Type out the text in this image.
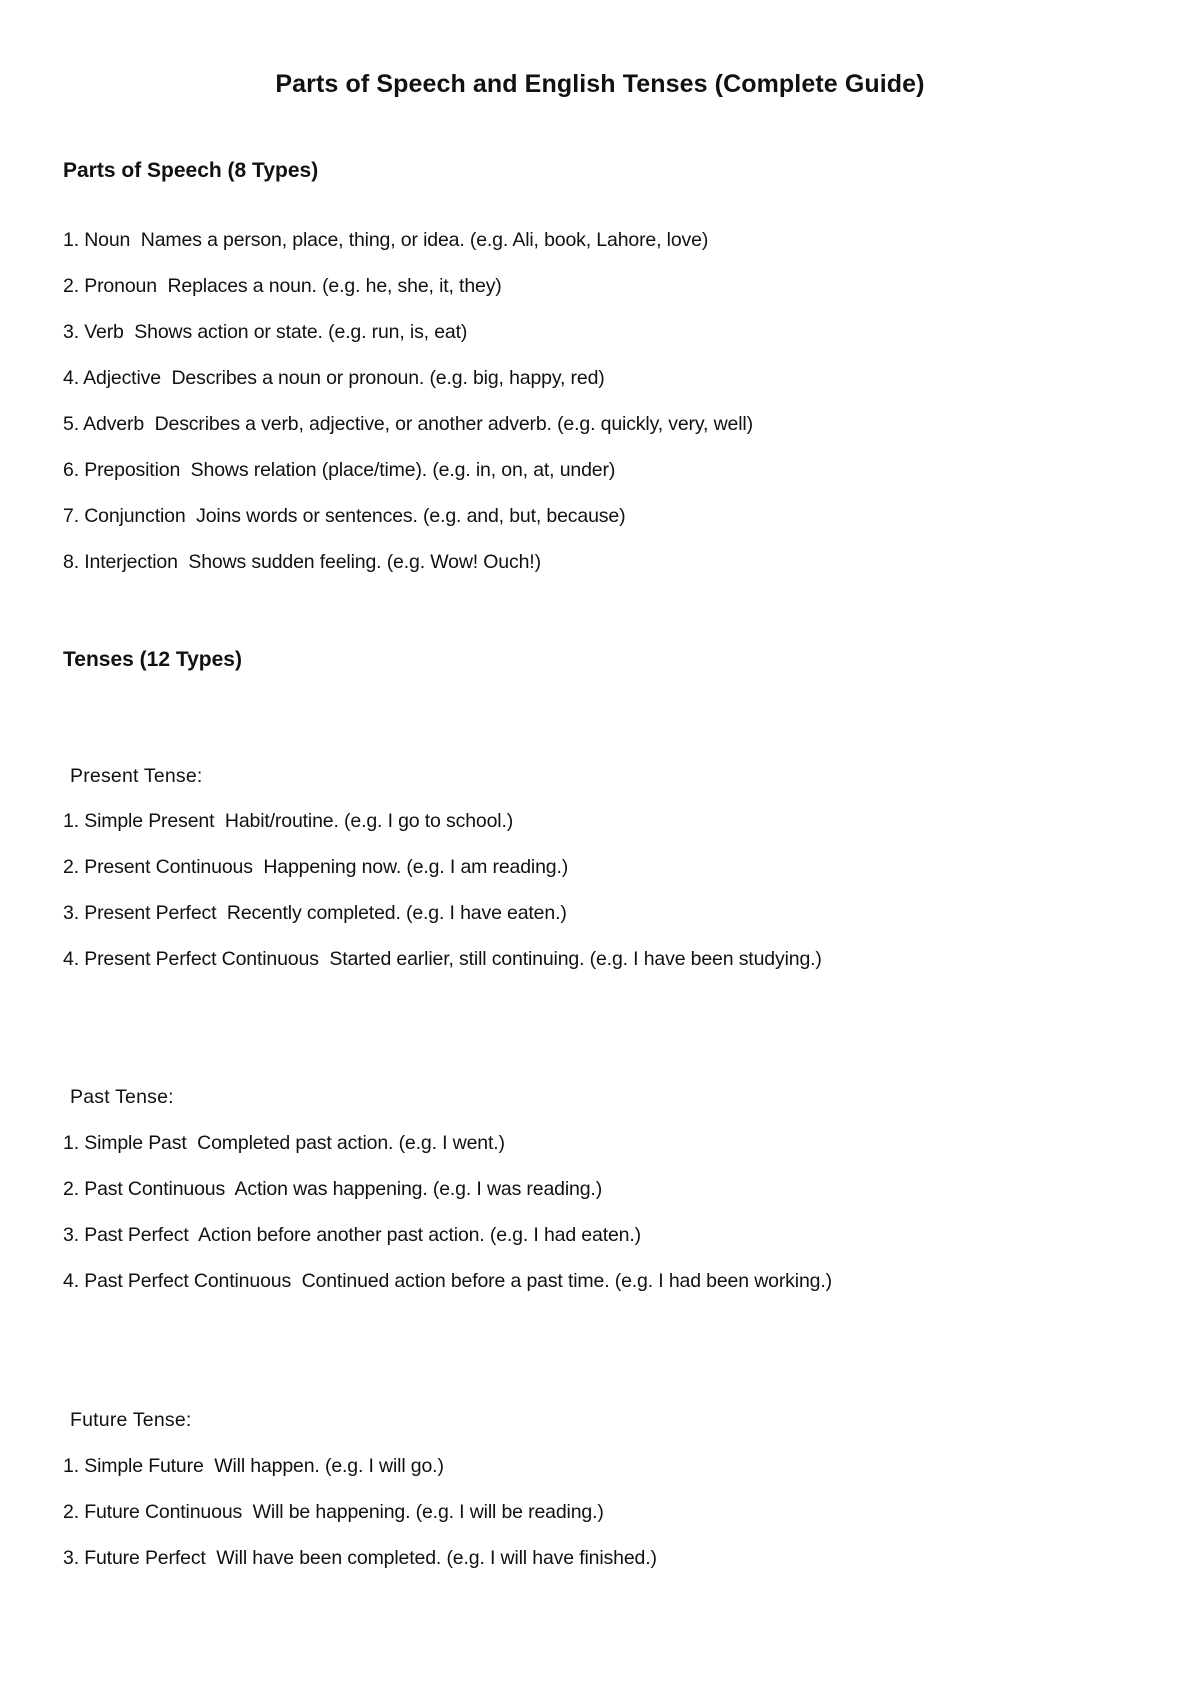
Parts of Speech and English Tenses (Complete Guide)
Parts of Speech (8 Types)
1. Noun  Names a person, place, thing, or idea. (e.g. Ali, book, Lahore, love)
2. Pronoun  Replaces a noun. (e.g. he, she, it, they)
3. Verb  Shows action or state. (e.g. run, is, eat)
4. Adjective  Describes a noun or pronoun. (e.g. big, happy, red)
5. Adverb  Describes a verb, adjective, or another adverb. (e.g. quickly, very, well)
6. Preposition  Shows relation (place/time). (e.g. in, on, at, under)
7. Conjunction  Joins words or sentences. (e.g. and, but, because)
8. Interjection  Shows sudden feeling. (e.g. Wow! Ouch!)
Tenses (12 Types)
Present Tense:
1. Simple Present  Habit/routine. (e.g. I go to school.)
2. Present Continuous  Happening now. (e.g. I am reading.)
3. Present Perfect  Recently completed. (e.g. I have eaten.)
4. Present Perfect Continuous  Started earlier, still continuing. (e.g. I have been studying.)
Past Tense:
1. Simple Past  Completed past action. (e.g. I went.)
2. Past Continuous  Action was happening. (e.g. I was reading.)
3. Past Perfect  Action before another past action. (e.g. I had eaten.)
4. Past Perfect Continuous  Continued action before a past time. (e.g. I had been working.)
Future Tense:
1. Simple Future  Will happen. (e.g. I will go.)
2. Future Continuous  Will be happening. (e.g. I will be reading.)
3. Future Perfect  Will have been completed. (e.g. I will have finished.)
